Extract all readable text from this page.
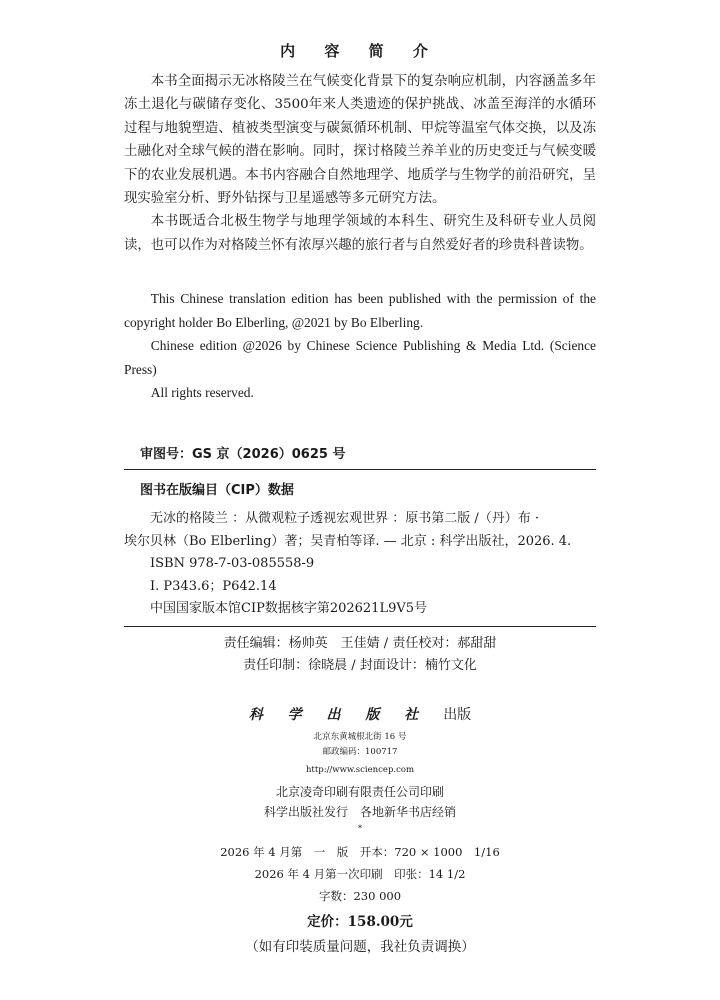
内 容 简 介

本书全面揭示无冰格陵兰在气候变化背景下的复杂响应机制，内容涵盖多年冻土退化与碳储存变化、3500年来人类遗迹的保护挑战、冰盖至海洋的水循环过程与地貌塑造、植被类型演变与碳氮循环机制、甲烷等温室气体交换，以及冻土融化对全球气候的潜在影响。同时，探讨格陵兰养羊业的历史变迁与气候变暖下的农业发展机遇。本书内容融合自然地理学、地质学与生物学的前沿研究，呈现实验室分析、野外钻探与卫星遥感等多元研究方法。

本书既适合北极生物学与地理学领域的本科生、研究生及科研专业人员阅读，也可以作为对格陵兰怀有浓厚兴趣的旅行者与自然爱好者的珍贵科普读物。

This Chinese translation edition has been published with the permission of the copyright holder Bo Elberling, @2021 by Bo Elberling.

Chinese edition @2026 by Chinese Science Publishing & Media Ltd. (Science Press)

All rights reserved.

审图号：GS 京（2026）0625 号
图书在版编目（CIP）数据
无冰的格陵兰 ：从微观粒子透视宏观世界 ：原书第二版 /（丹）布 ·
埃尔贝林（Bo Elberling）著；吴青柏等译. — 北京 : 科学出版社，2026. 4.
ISBN 978-7-03-085558-9
Ⅰ. P343.6；P642.14
中国国家版本馆CIP数据核字第202621L9V5号
责任编辑：杨帅英　王佳婧 / 责任校对：郝甜甜
责任印制：徐晓晨 / 封面设计：楠竹文化
科 学 出 版 社 出版
北京东黄城根北街 16 号
邮政编码：100717
http://www.sciencep.com
北京凌奇印刷有限责任公司印刷
科学出版社发行　各地新华书店经销
*
2026 年 4 月第　一　版　开本：720 × 1000　1/16
2026 年 4 月第一次印刷　印张：14 1/2
字数：230 000
定价：158.00元
（如有印装质量问题，我社负责调换）
